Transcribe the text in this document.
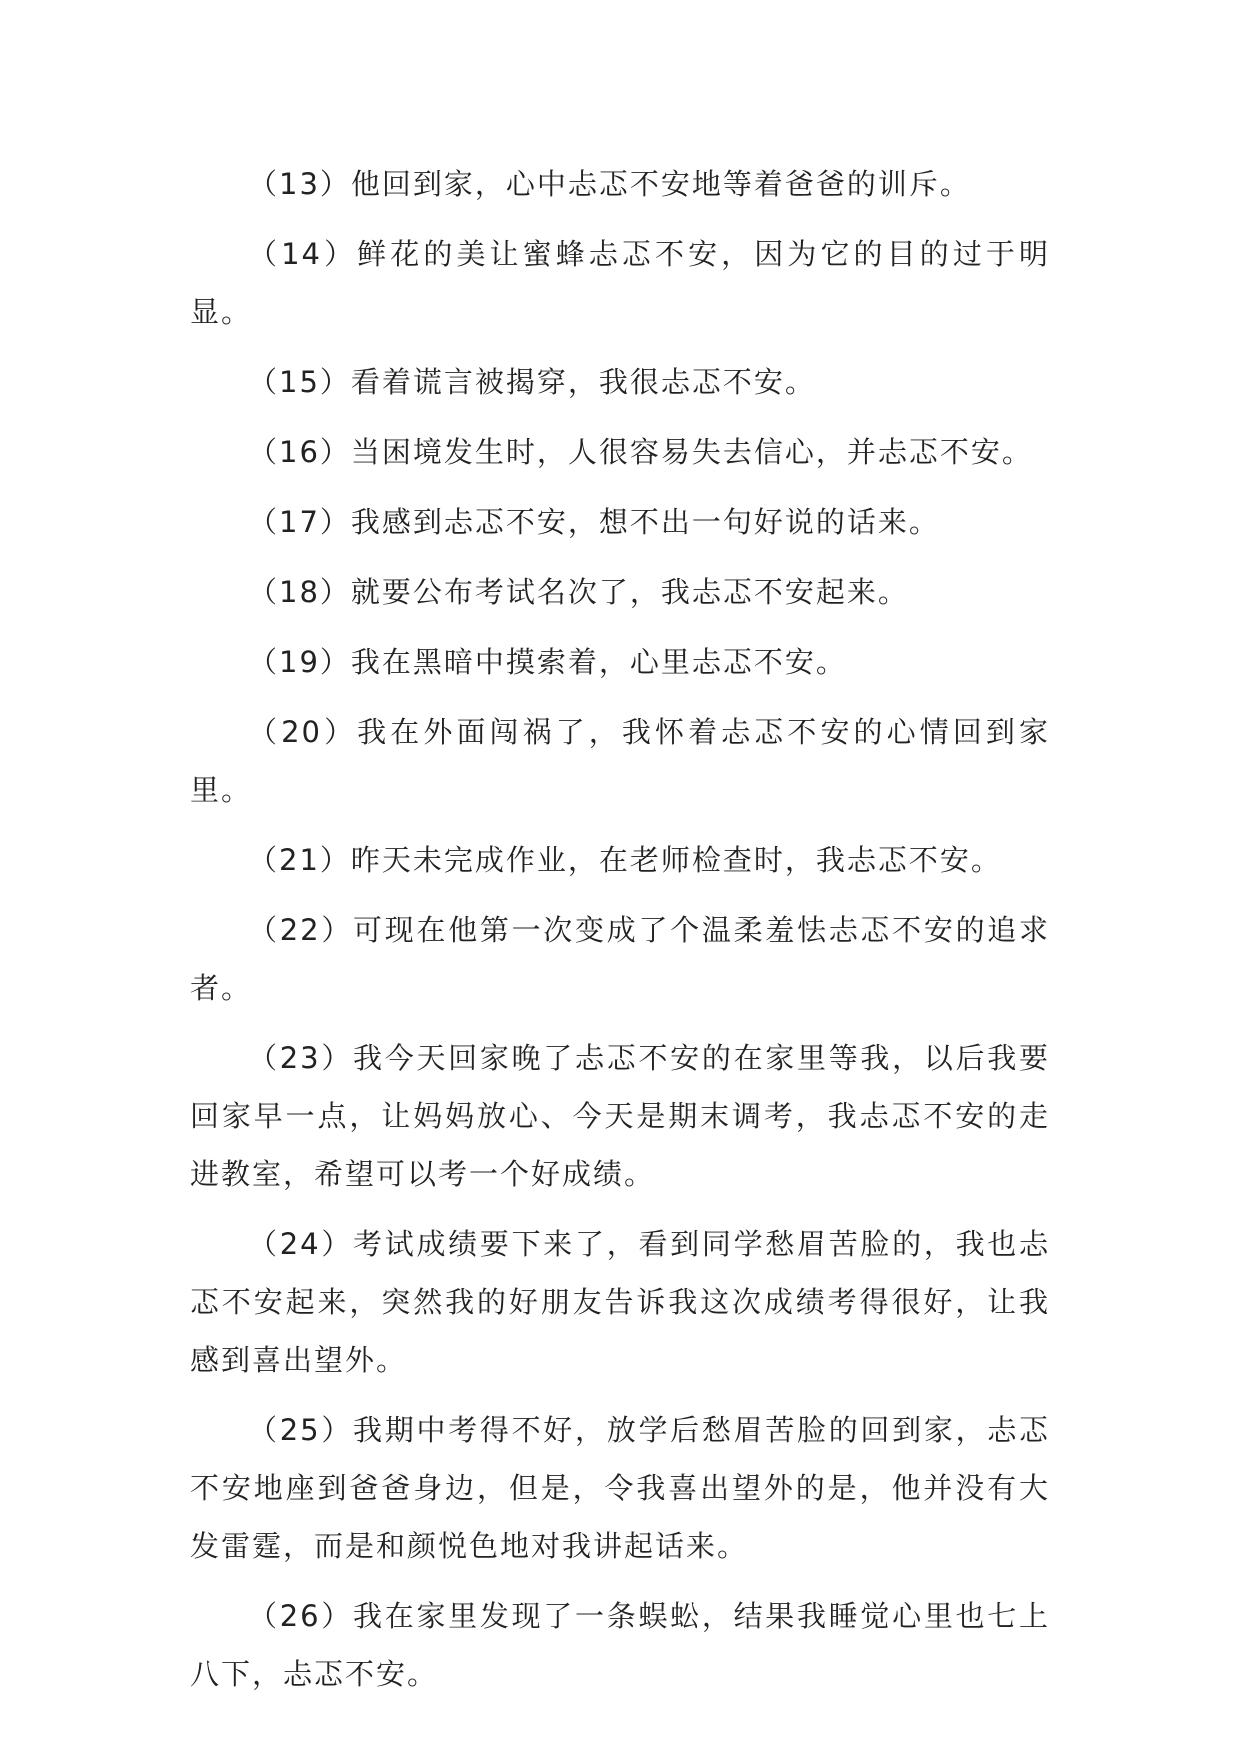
（13）他回到家，心中忐忑不安地等着爸爸的训斥。

（14）鲜花的美让蜜蜂忐忑不安，因为它的目的过于明显。

（15）看着谎言被揭穿，我很忐忑不安。

（16）当困境发生时，人很容易失去信心，并忐忑不安。

（17）我感到忐忑不安，想不出一句好说的话来。

（18）就要公布考试名次了，我忐忑不安起来。

（19）我在黑暗中摸索着，心里忐忑不安。

（20）我在外面闯祸了，我怀着忐忑不安的心情回到家里。

（21）昨天未完成作业，在老师检查时，我忐忑不安。

（22）可现在他第一次变成了个温柔羞怯忐忑不安的追求者。

（23）我今天回家晚了忐忑不安的在家里等我，以后我要回家早一点，让妈妈放心、今天是期末调考，我忐忑不安的走进教室，希望可以考一个好成绩。

（24）考试成绩要下来了，看到同学愁眉苦脸的，我也忐忑不安起来，突然我的好朋友告诉我这次成绩考得很好，让我感到喜出望外。

（25）我期中考得不好，放学后愁眉苦脸的回到家，忐忑不安地座到爸爸身边，但是，令我喜出望外的是，他并没有大发雷霆，而是和颜悦色地对我讲起话来。

（26）我在家里发现了一条蜈蚣，结果我睡觉心里也七上八下，忐忑不安。
